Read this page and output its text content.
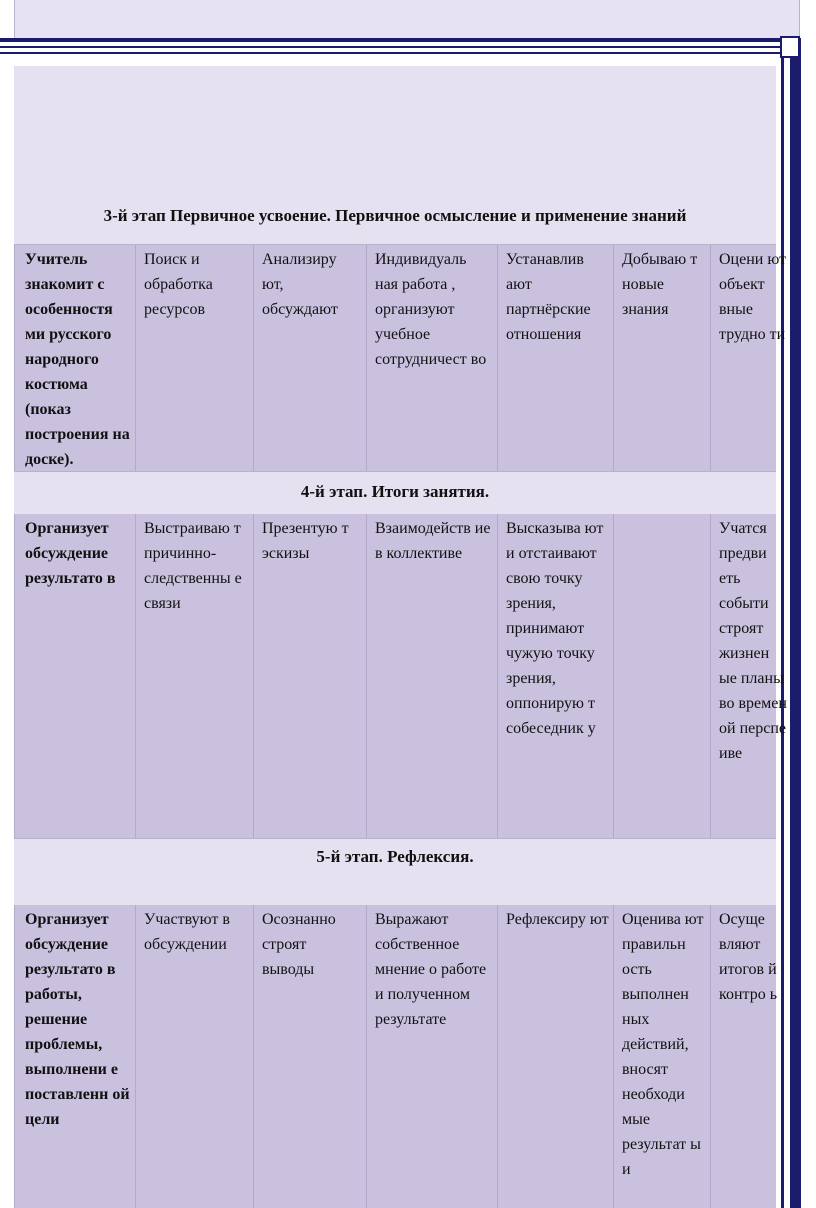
3-й этап Первичное усвоение. Первичное осмысление и применение знаний
Учитель знакомит с особенностя ми русского народного костюма (показ построения на доске).
Поиск и обработка ресурсов
Анализиру ют, обсуждают
Индивидуаль ная работа , организуют учебное сотрудничест во
Устанавлив ают партнёрские отношения
Добываю т новые знания
Оцени ют объект вные трудно ти
4-й этап. Итоги занятия.
Организует обсуждение результато в
Выстраиваю т причинно-следственны е связи
Презентую т эскизы
Взаимодейств ие в коллективе
Высказыва ют и отстаивают свою точку зрения, принимают чужую точку зрения, оппонирую т собеседник у
Учатся предви еть событи строят жизнен ые планы во времен ой перспе иве
5-й этап. Рефлексия.
Организует обсуждение результато в работы, решение проблемы, выполнени е поставленн ой цели
Участвуют в обсуждении
Осознанно строят выводы
Выражают собственное мнение о работе и полученном результате
Рефлексиру ют Оценива ют правильн ость выполнен ных действий, вносят необходи мые результат ы и
Осуще вляют итогов й контро ь
